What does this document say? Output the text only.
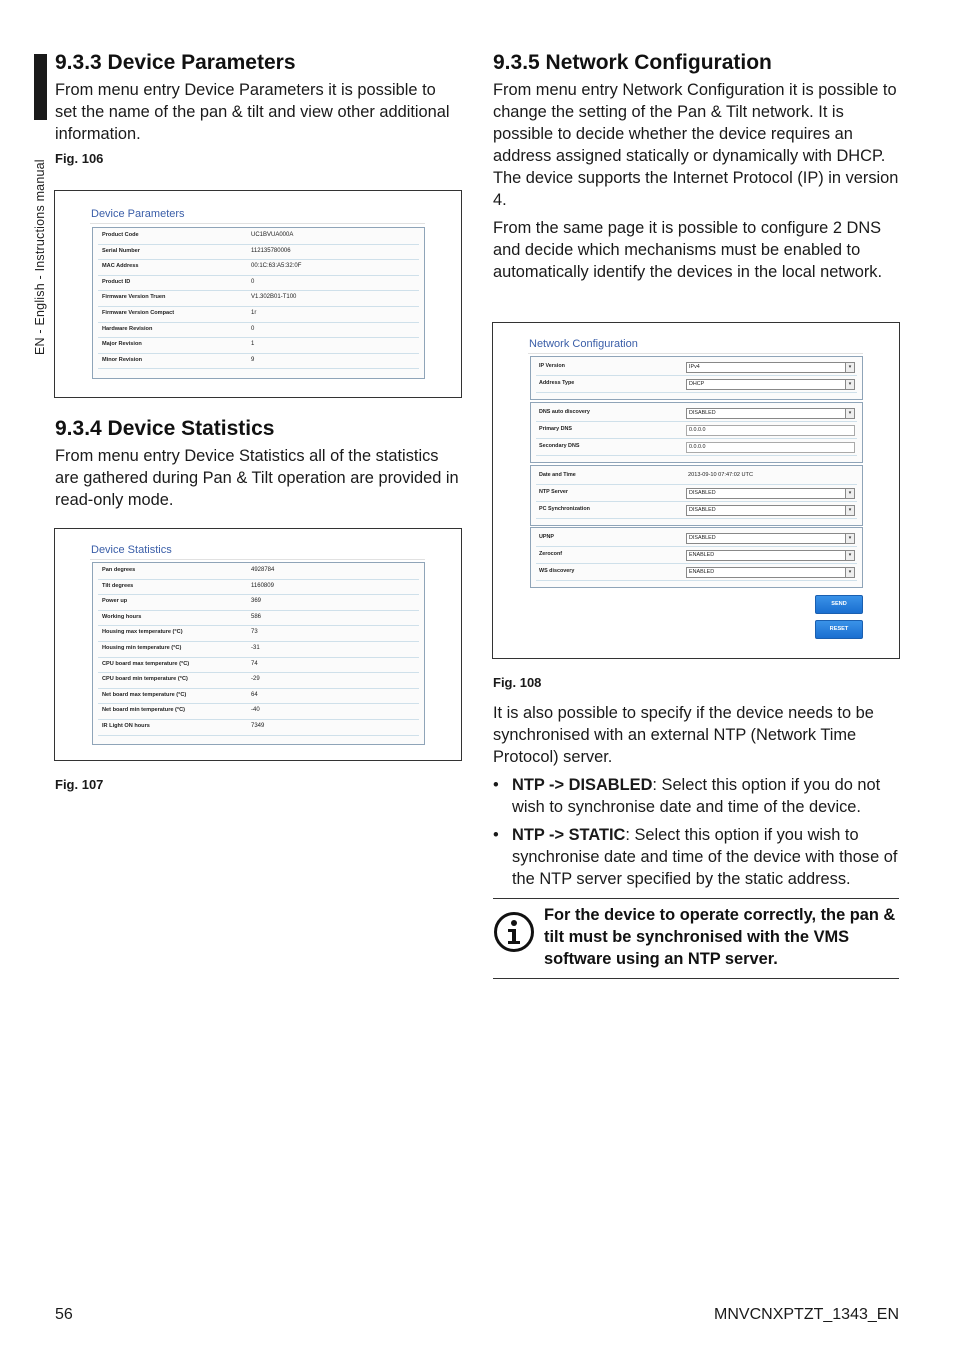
EN - English - Instructions manual
9.3.3 Device Parameters

From menu entry Device Parameters it is possible to set the name of the pan & tilt and view other additional information.

Fig. 106

Device Parameters
Product Code	UC1BVUA000A
Serial Number	112135780006
MAC Address	00:1C:63:A5:32:0F
Product ID	0
Firmware Version Truen	V1.302B01-T100
Firmware Version Compact	1r
Hardware Revision	0
Major Revision	1
Minor Revision	9
9.3.4 Device Statistics

From menu entry Device Statistics all of the statistics are gathered during Pan & Tilt operation are provided in read-only mode.

Device Statistics
Pan degrees	4928784
Tilt degrees	1160809
Power up	369
Working hours	586
Housing max temperature (°C)	73
Housing min temperature (°C)	-31
CPU board max temperature (°C)	74
CPU board min temperature (°C)	-29
Net board max temperature (°C)	64
Net board min temperature (°C)	-40
IR Light ON hours	7349
Fig. 107
9.3.5 Network Configuration

From menu entry Network Configuration it is possible to change the setting of the Pan & Tilt network. It is possible to decide whether the device requires an address assigned statically or dynamically with DHCP. The device supports the Internet Protocol (IP) in version 4.

From the same page it is possible to configure 2 DNS and decide which mechanisms must be enabled to automatically identify the devices in the local network.

Network Configuration
IP Version	IPv4	▾
Address Type	DHCP	▾
DNS auto discovery	DISABLED	▾
Primary DNS	0.0.0.0
Secondary DNS	0.0.0.0
Date and Time	2013-09-10 07:47:02 UTC
NTP Server	DISABLED	▾
PC Synchronization	DISABLED	▾
UPNP	DISABLED	▾
Zeroconf	ENABLED	▾
WS discovery	ENABLED	▾
SEND
RESET
Fig. 108

It is also possible to specify if the device needs to be synchronised with an external NTP (Network Time Protocol) server.

• NTP -> DISABLED: Select this option if you do not wish to synchronise date and time of the device.
• NTP -> STATIC: Select this option if you wish to synchronise date and time of the device with those of the NTP server specified by the static address.
For the device to operate correctly, the pan & tilt must be synchronised with the VMS software using an NTP server.
56	MNVCNXPTZT_1343_EN
